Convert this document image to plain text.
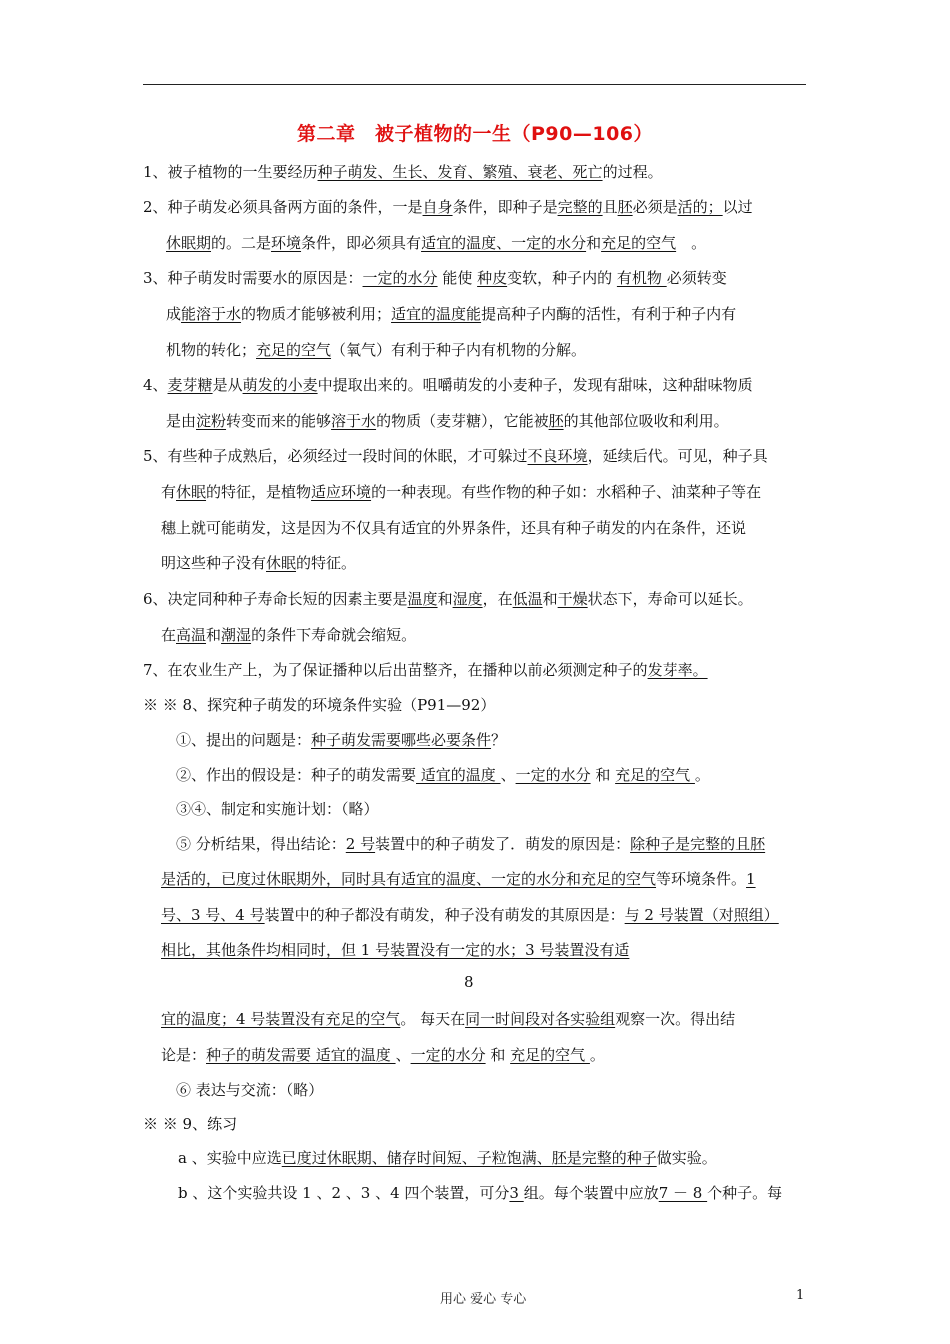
第二章　被子植物的一生（P90—106）
1、被子植物的一生要经历种子萌发、生长、发育、繁殖、衰老、死亡的过程。
2、种子萌发必须具备两方面的条件，一是自身条件，即种子是完整的且胚必须是活的；以过
休眠期的。二是环境条件，即必须具有适宜的温度、一定的水分和充足的空气　。
3、种子萌发时需要水的原因是：一定的水分 能使 种皮变软，种子内的 有机物 必须转变
成能溶于水的物质才能够被利用；适宜的温度能提高种子内酶的活性，有利于种子内有
机物的转化；充足的空气（氧气）有利于种子内有机物的分解。
4、麦芽糖是从萌发的小麦中提取出来的。咀嚼萌发的小麦种子，发现有甜味，这种甜味物质
是由淀粉转变而来的能够溶于水的物质（麦芽糖），它能被胚的其他部位吸收和利用。
5、有些种子成熟后，必须经过一段时间的休眠，才可躲过不良环境，延续后代。可见，种子具
有休眠的特征，是植物适应环境的一种表现。有些作物的种子如：水稻种子、油菜种子等在
穗上就可能萌发，这是因为不仅具有适宜的外界条件，还具有种子萌发的内在条件，还说
明这些种子没有休眠的特征。
6、决定同种种子寿命长短的因素主要是温度和湿度，在低温和干燥状态下，寿命可以延长。
在高温和潮湿的条件下寿命就会缩短。
7、在农业生产上，为了保证播种以后出苗整齐，在播种以前必须测定种子的发芽率。
※ ※ 8、探究种子萌发的环境条件实验（P91—92）
①、提出的问题是：种子萌发需要哪些必要条件？
②、作出的假设是：种子的萌发需要 适宜的温度 、一定的水分 和 充足的空气 。
③④、制定和实施计划：（略）
⑤ 分析结果，得出结论：2 号装置中的种子萌发了．萌发的原因是：除种子是完整的且胚
是活的，已度过休眠期外，同时具有适宜的温度、一定的水分和充足的空气等环境条件。1
号、3 号、4 号装置中的种子都没有萌发，种子没有萌发的其原因是：与 2 号装置（对照组）
相比，其他条件均相同时，但 1 号装置没有一定的水；3 号装置没有适
宜的温度；4 号装置没有充足的空气。 每天在同一时间段对各实验组观察一次。得出结
论是：种子的萌发需要 适宜的温度 、一定的水分 和 充足的空气 。
⑥ 表达与交流：（略）
※ ※ 9、练习
a 、实验中应选已度过休眠期、储存时间短、子粒饱满、胚是完整的种子做实验。
b 、这个实验共设 1 、2 、3 、4 四个装置，可分3 组。每个装置中应放7 － 8 个种子。每
8
用心 爱心 专心	1
